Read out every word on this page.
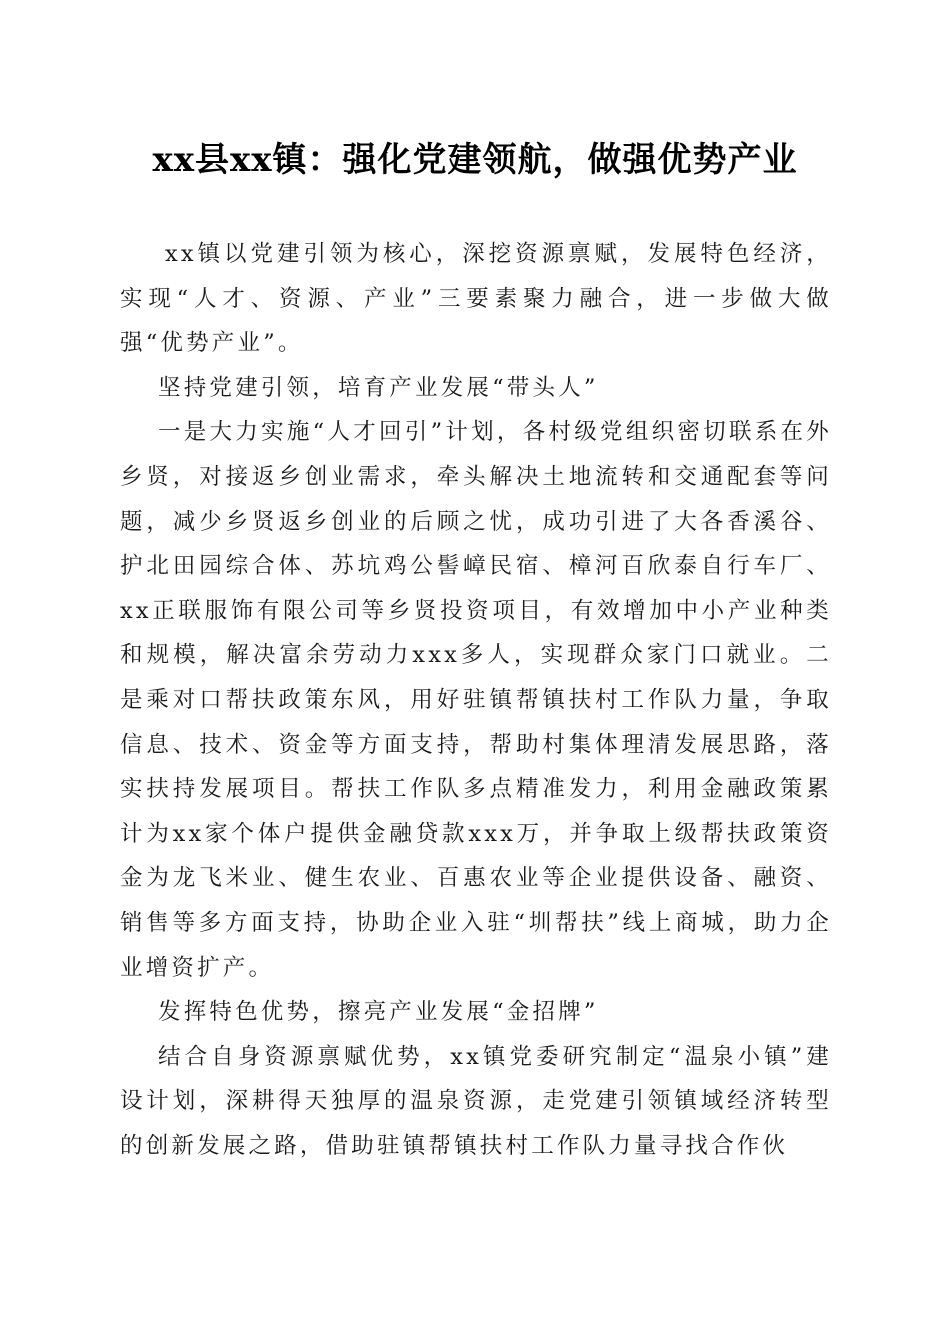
xx县xx镇：强化党建领航，做强优势产业

xx镇以党建引领为核心，深挖资源禀赋，发展特色经济，实现“人才、资源、产业”三要素聚力融合，进一步做大做强“优势产业”。

坚持党建引领，培育产业发展“带头人”

一是大力实施“人才回引”计划，各村级党组织密切联系在外乡贤，对接返乡创业需求，牵头解决土地流转和交通配套等问题，减少乡贤返乡创业的后顾之忧，成功引进了大各香溪谷、护北田园综合体、苏坑鸡公髻嶂民宿、樟河百欣泰自行车厂、xx正联服饰有限公司等乡贤投资项目，有效增加中小产业种类和规模，解决富余劳动力xxx多人，实现群众家门口就业。二是乘对口帮扶政策东风，用好驻镇帮镇扶村工作队力量，争取信息、技术、资金等方面支持，帮助村集体理清发展思路，落实扶持发展项目。帮扶工作队多点精准发力，利用金融政策累计为xx家个体户提供金融贷款xxx万，并争取上级帮扶政策资金为龙飞米业、健生农业、百惠农业等企业提供设备、融资、销售等多方面支持，协助企业入驻“圳帮扶”线上商城，助力企业增资扩产。

发挥特色优势，擦亮产业发展“金招牌”

结合自身资源禀赋优势，xx镇党委研究制定“温泉小镇”建设计划，深耕得天独厚的温泉资源，走党建引领镇域经济转型的创新发展之路，借助驻镇帮镇扶村工作队力量寻找合作伙
